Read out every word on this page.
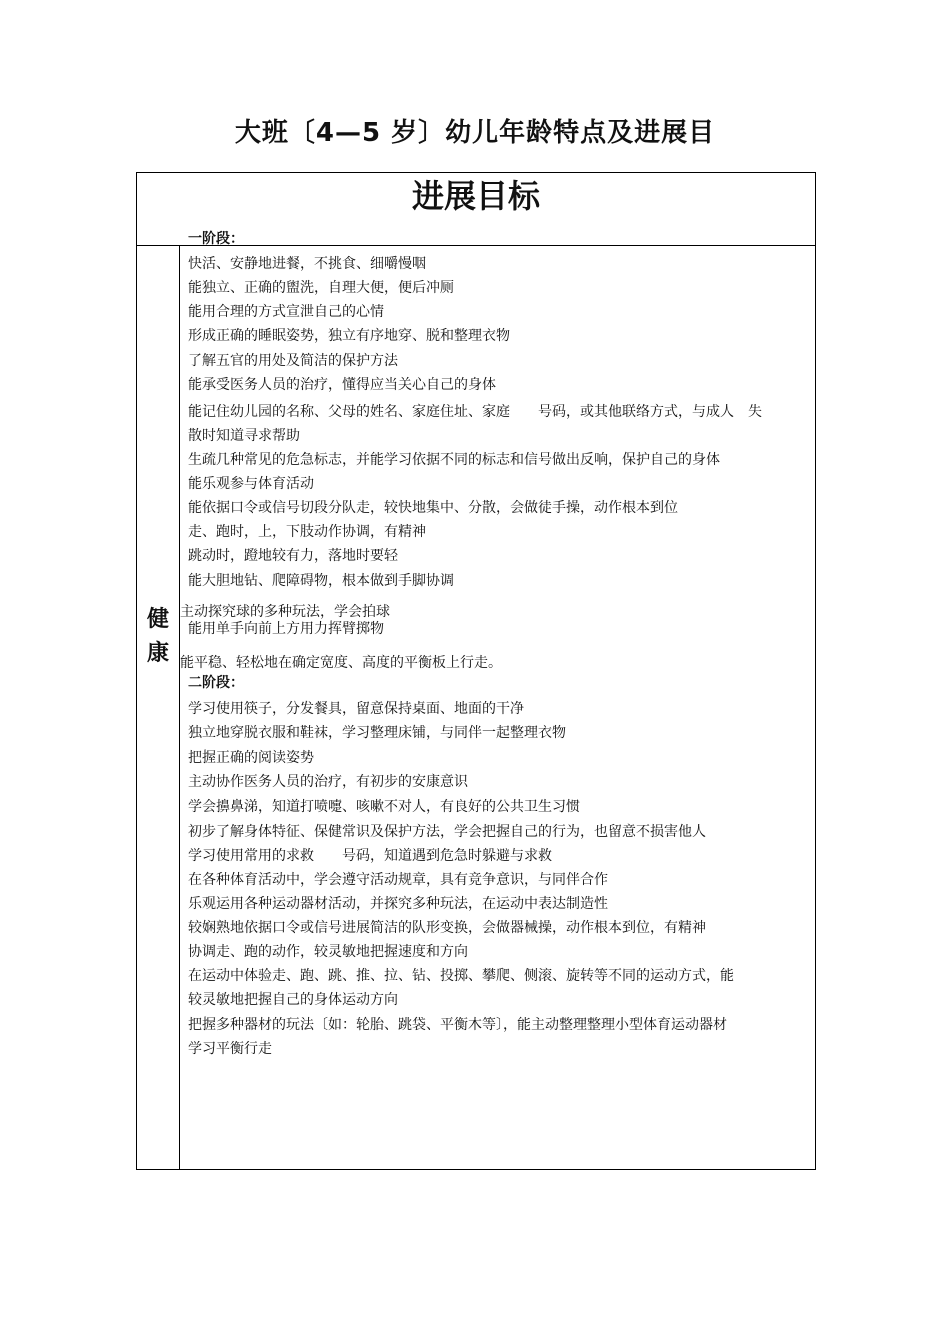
大班〔4—5 岁〕幼儿年龄特点及进展目
进展目标
一阶段：
健
康
快活、安静地进餐，不挑食、细嚼慢咽
能独立、正确的盥洗，自理大便，便后冲厕
能用合理的方式宣泄自己的心情
形成正确的睡眠姿势，独立有序地穿、脱和整理衣物
了解五官的用处及简洁的保护方法
能承受医务人员的治疗，懂得应当关心自己的身体
能记住幼儿园的名称、父母的姓名、家庭住址、家庭　　号码，或其他联络方式，与成人　失
散时知道寻求帮助
生疏几种常见的危急标志，并能学习依据不同的标志和信号做出反响，保护自己的身体
能乐观参与体育活动
能依据口令或信号切段分队走，较快地集中、分散，会做徒手操，动作根本到位
走、跑时，上，下肢动作协调，有精神
跳动时，蹬地较有力，落地时要轻
能大胆地钻、爬障碍物，根本做到手脚协调
主动探究球的多种玩法，学会拍球
能用单手向前上方用力挥臂掷物
能平稳、轻松地在确定宽度、高度的平衡板上行走。
二阶段：
学习使用筷子，分发餐具，留意保持桌面、地面的干净
独立地穿脱衣服和鞋袜，学习整理床铺，与同伴一起整理衣物
把握正确的阅读姿势
主动协作医务人员的治疗，有初步的安康意识
学会擤鼻涕，知道打喷嚏、咳嗽不对人，有良好的公共卫生习惯
初步了解身体特征、保健常识及保护方法，学会把握自己的行为，也留意不损害他人
学习使用常用的求救　　号码，知道遇到危急时躲避与求救
在各种体育活动中，学会遵守活动规章，具有竞争意识，与同伴合作
乐观运用各种运动器材活动，并探究多种玩法，在运动中表达制造性
较娴熟地依据口令或信号进展简洁的队形变换，会做器械操，动作根本到位，有精神
协调走、跑的动作，较灵敏地把握速度和方向
在运动中体验走、跑、跳、推、拉、钻、投掷、攀爬、侧滚、旋转等不同的运动方式，能
较灵敏地把握自己的身体运动方向
把握多种器材的玩法〔如：轮胎、跳袋、平衡木等〕，能主动整理整理小型体育运动器材
学习平衡行走
